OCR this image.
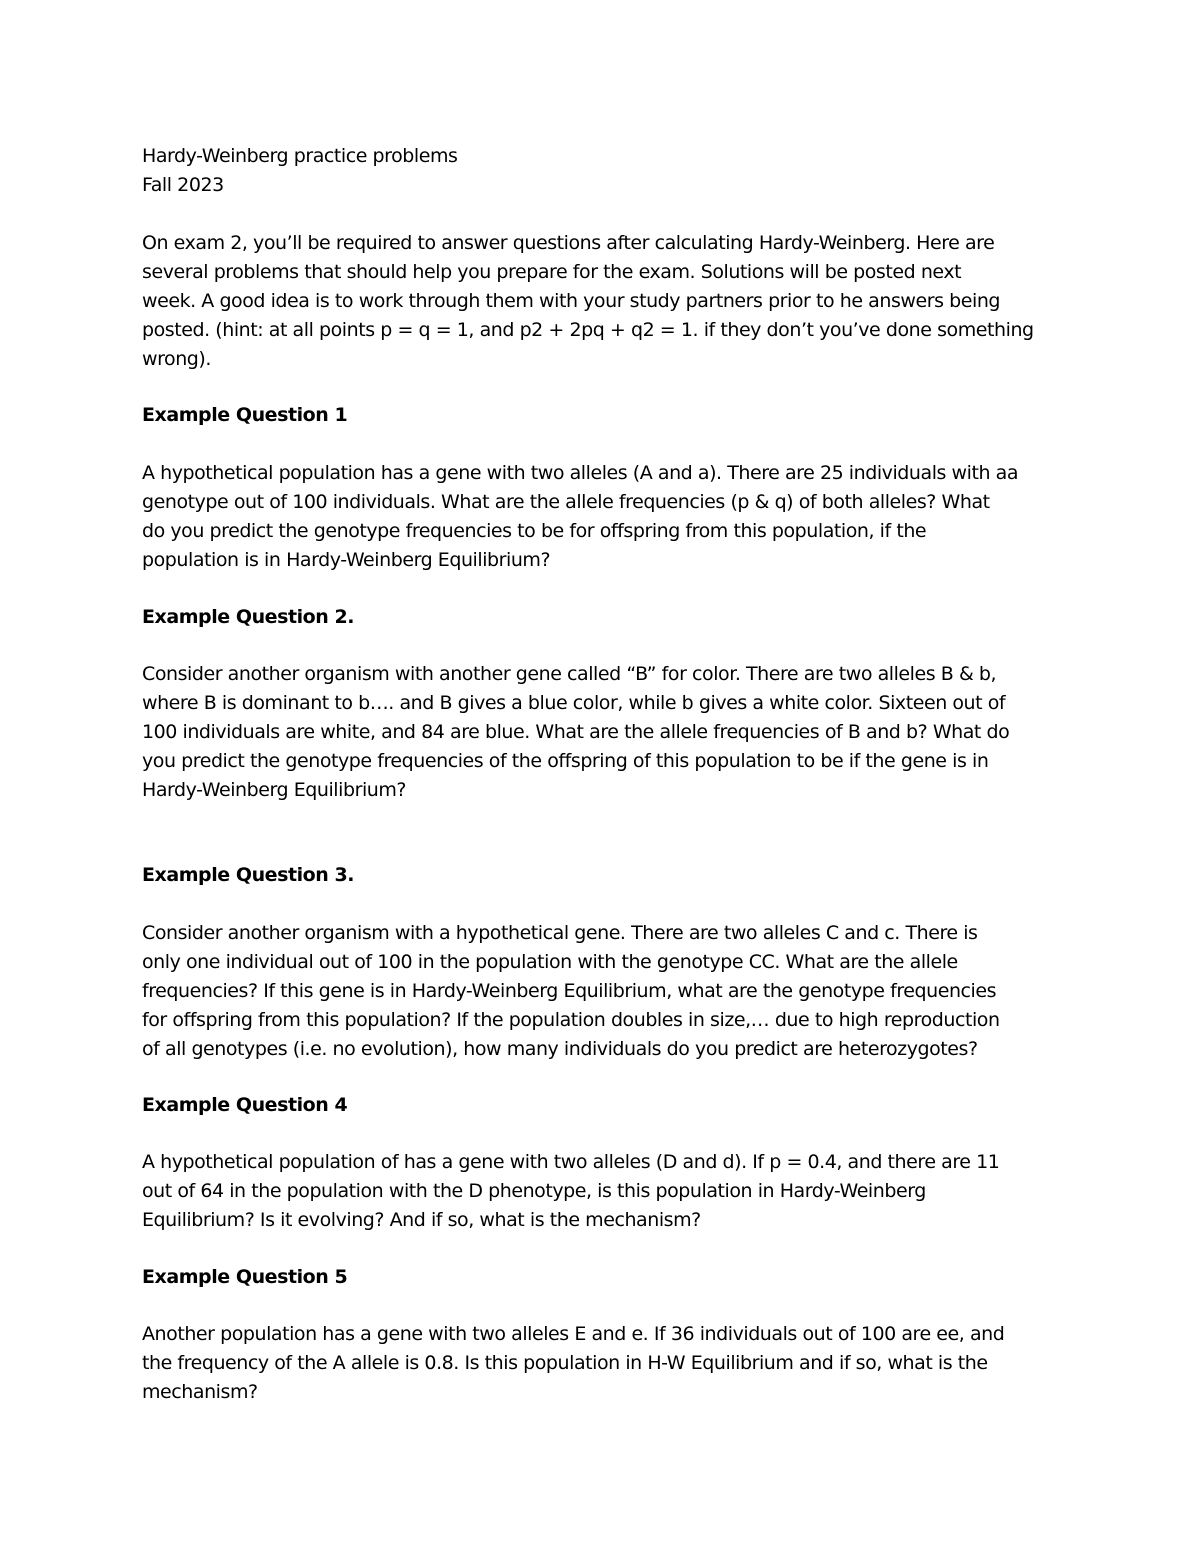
Hardy-Weinberg practice problems
Fall 2023

On exam 2, you’ll be required to answer questions after calculating Hardy-Weinberg. Here are
several problems that should help you prepare for the exam. Solutions will be posted next
week. A good idea is to work through them with your study partners prior to he answers being
posted. (hint: at all points p = q = 1, and p2 + 2pq + q2 = 1. if they don’t you’ve done something
wrong).

Example Question 1

A hypothetical population has a gene with two alleles (A and a). There are 25 individuals with aa
genotype out of 100 individuals. What are the allele frequencies (p & q) of both alleles? What
do you predict the genotype frequencies to be for offspring from this population, if the
population is in Hardy-Weinberg Equilibrium?

Example Question 2.

Consider another organism with another gene called “B” for color. There are two alleles B & b,
where B is dominant to b…. and B gives a blue color, while b gives a white color. Sixteen out of
100 individuals are white, and 84 are blue. What are the allele frequencies of B and b? What do
you predict the genotype frequencies of the offspring of this population to be if the gene is in
Hardy-Weinberg Equilibrium?

Example Question 3.

Consider another organism with a hypothetical gene. There are two alleles C and c. There is
only one individual out of 100 in the population with the genotype CC. What are the allele
frequencies? If this gene is in Hardy-Weinberg Equilibrium, what are the genotype frequencies
for offspring from this population? If the population doubles in size,… due to high reproduction
of all genotypes (i.e. no evolution), how many individuals do you predict are heterozygotes?

Example Question 4

A hypothetical population of has a gene with two alleles (D and d). If p = 0.4, and there are 11
out of 64 in the population with the D phenotype, is this population in Hardy-Weinberg
Equilibrium? Is it evolving? And if so, what is the mechanism?

Example Question 5

Another population has a gene with two alleles E and e. If 36 individuals out of 100 are ee, and
the frequency of the A allele is 0.8. Is this population in H-W Equilibrium and if so, what is the
mechanism?
